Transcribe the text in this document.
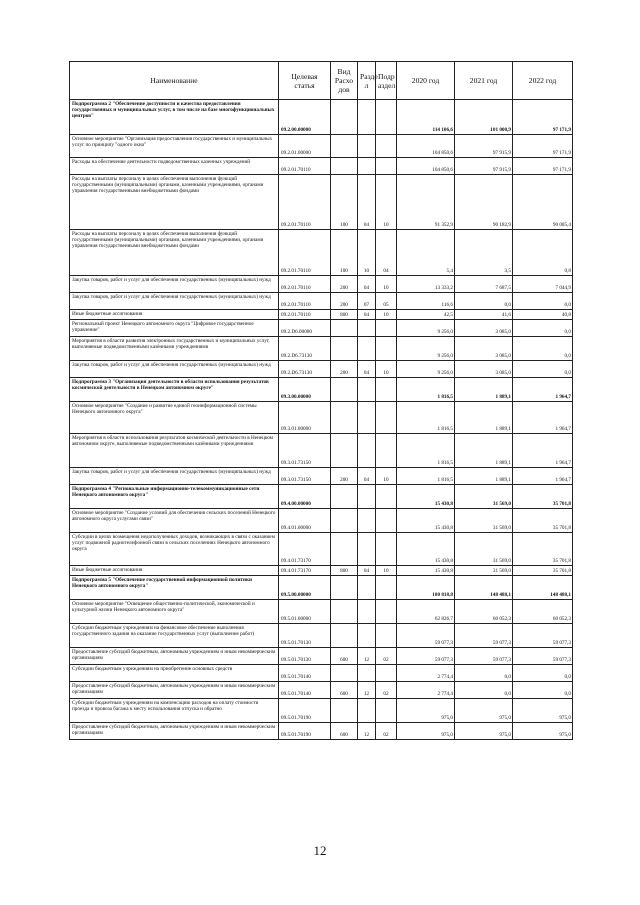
Наименование	Целевая статья	Вид Расхо дов	Разде л	Подр аздел	2020 год	2021 год	2022 год
Подпрограмма 2 "Обеспечение доступности и качества предоставления государственных и муниципальных услуг, в том числе на базе многофункциональных центров"	09.2.00.00000				114 106,6	101 000,9	97 171,9
Основное мероприятие "Организация предоставления государственных и муниципальных услуг по принципу "одного окна"	09.2.01.00000				104 850,6	97 915,9	97 171,9
Расходы на обеспечение деятельности подведомственных казенных учреждений	09.2.01.70110				104 850,6	97 915,9	97 171,9
Расходы на выплаты персоналу в целях обеспечения выполнения функций государственными (муниципальными) органами, казенными учреждениями, органами управления государственными внебюджетными фондами	09.2.01.70110	100	04	10	91 352,9	90 182,9	90 085,4
Расходы на выплаты персоналу в целях обеспечения выполнения функций государственными (муниципальными) органами, казенными учреждениями, органами управления государственными внебюджетными фондами	09.2.01.70110	100	10	04	5,4	3,5	0,8
Закупка товаров, работ и услуг для обеспечения государственных (муниципальных) нужд	09.2.01.70110	200	04	10	13 333,2	7 687,5	7 044,9
Закупка товаров, работ и услуг для обеспечения государственных (муниципальных) нужд	09.2.01.70110	200	07	05	116,6	0,0	0,0
Иные бюджетные ассигнования	09.2.01.70110	800	04	10	42,5	41,6	40,8
Региональный проект Ненецкого автономного округа "Цифровое государственное управление"	09.2.D6.00000				9 256,0	3 085,0	0,0
Мероприятия в области развития электронных государственных и муниципальных услуг, выполняемые подведомственными казёнными учреждениями	09.2.D6.73130				9 256,0	3 085,0	0,0
Закупка товаров, работ и услуг для обеспечения государственных (муниципальных) нужд	09.2.D6.73130	200	04	10	9 256,0	3 085,0	0,0
Подпрограмма 3 "Организация деятельности в области использования результатов космической деятельности в Ненецком автономном округе"	09.3.00.00000				1 816,5	1 889,1	1 964,7
Основное мероприятие "Создание и развитие единой геоинформационной системы Ненецкого автономного округа"	09.3.01.00000				1 816,5	1 889,1	1 964,7
Мероприятия в области использования результатов космической деятельности в Ненецком автономном округе, выполняемые подведомственными казёнными учреждениями	09.3.01.73150				1 816,5	1 889,1	1 964,7
Закупка товаров, работ и услуг для обеспечения государственных (муниципальных) нужд	09.3.01.73150	200	04	10	1 816,5	1 889,1	1 964,7
Подпрограмма 4 "Региональные информационно-телекоммуникационные сети Ненецкого автономного округа"	09.4.00.00000				15 430,8	31 569,0	35 701,8
Основное мероприятие "Создание условий для обеспечения сельских поселений Ненецкого автономного округа услугами связи"	09.4.01.00000				15 430,8	31 569,0	35 701,8
Субсидии в целях возмещения недополученных доходов, возникающих в связи с оказанием услуг подвижной радиотелефонной связи в сельских поселениях Ненецкого автономного округа	09.4.01.73170				15 430,8	31 569,0	35 701,8
Иные бюджетные ассигнования	09.4.01.73170	800	04	10	15 430,8	31 569,0	35 701,8
Подпрограмма 5 "Обеспечение государственной информационной политики Ненецкого автономного округа"	09.5.00.00000				180 818,8	148 488,1	148 488,1
Основное мероприятие "Освещение общественно-политической, экономической и культурной жизни Ненецкого автономного округа"	09.5.01.00000				62 826,7	60 052,3	60 052,3
Субсидии бюджетным учреждениям на финансовое обеспечение выполнения государственного задания на оказание государственных услуг (выполнение работ)	09.5.01.70130				59 077,3	59 077,3	59 077,3
Предоставление субсидий бюджетным, автономным учреждениям и иным некоммерческим организациям	09.5.01.70130	600	12	02	59 077,3	59 077,3	59 077,3
Субсидии бюджетным учреждениям на приобретение основных средств	09.5.01.70140				2 774,4	0,0	0,0
Предоставление субсидий бюджетным, автономным учреждениям и иным некоммерческим организациям	09.5.01.70140	600	12	02	2 774,4	0,0	0,0
Субсидии бюджетным учреждениям на компенсацию расходов на оплату стоимости проезда и провоза багажа к месту использования отпуска и обратно	09.5.01.70190				975,0	975,0	975,0
Предоставление субсидий бюджетным, автономным учреждениям и иным некоммерческим организациям	09.5.01.70190	600	12	02	975,0	975,0	975,0
12
